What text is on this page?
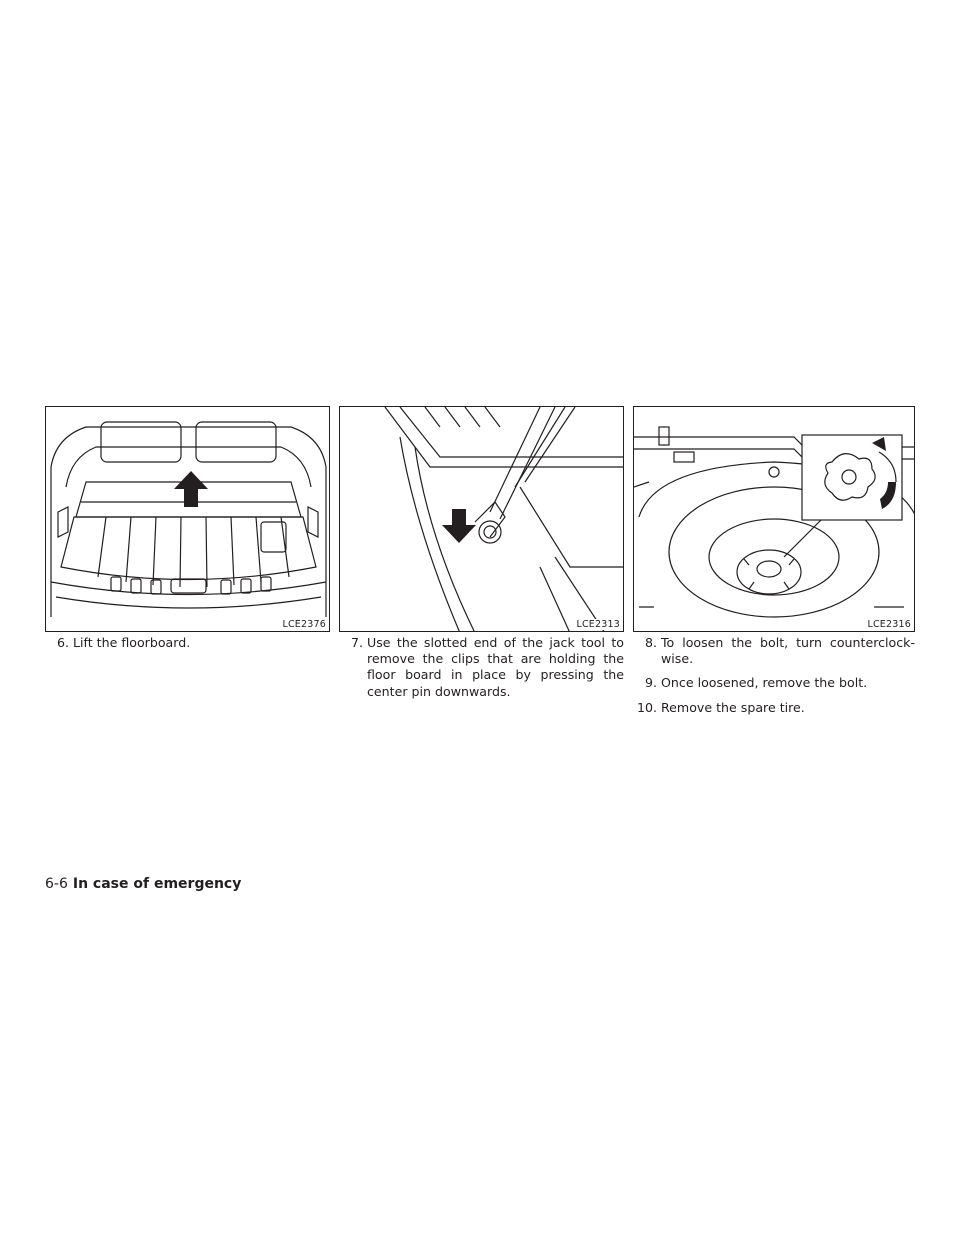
LCE2376	LCE2313	LCE2316
6. Lift the floorboard.	7. Use the slotted end of the jack tool to remove the clips that are holding the floor board in place by pressing the center pin downwards.
8. To loosen the bolt, turn counterclock-wise.
9. Once loosened, remove the bolt.
10. Remove the spare tire.
6-6 In case of emergency
